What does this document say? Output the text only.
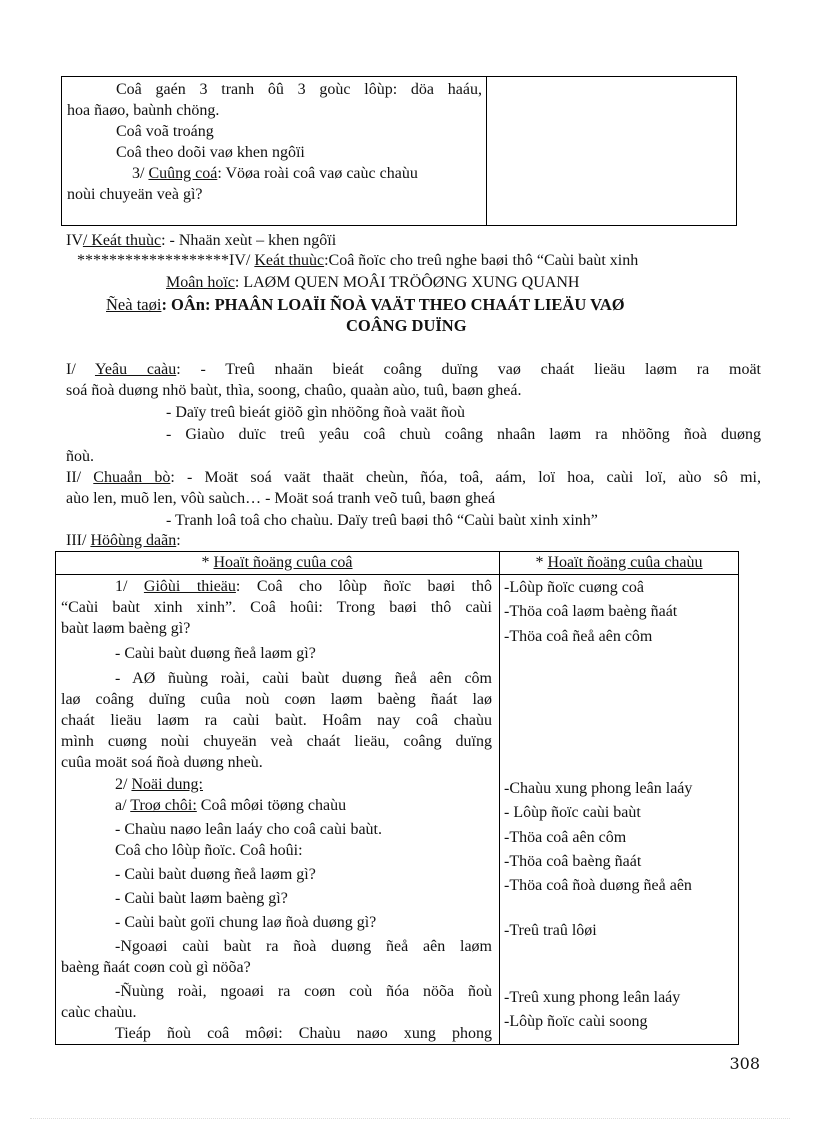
Coâ gaén 3 tranh ôû 3 goùc lôùp: döa haáu,
hoa ñaøo, baùnh chöng.
Coâ voã troáng
Coâ theo doõi vaø khen ngôïi
3/ Cuûng coá: Vöøa roài coâ vaø caùc chaùu
noùi chuyeän veà gì?
IV/ Keát thuùc: - Nhaän xeùt – khen ngôïi
*******************IV/ Keát thuùc:Coâ ñoïc cho treû nghe baøi thô “Caùi baùt xinh
Moân hoïc: LAØM QUEN MOÂI TRÖÔØNG XUNG QUANH
Ñeà taøi: OÂn: PHAÂN LOAÏI ÑOÀ VAÄT THEO CHAÁT LIEÄU VAØ
COÂNG DUÏNG
I/ Yeâu caàu: - Treû nhaän bieát coâng duïng vaø chaát lieäu laøm ra moät
soá ñoà duøng nhö baùt, thìa, soong, chaûo, quaàn aùo, tuû, baøn gheá.
- Daïy treû bieát giöõ gìn nhöõng ñoà vaät ñoù
- Giaùo duïc treû yeâu coâ chuù coâng nhaân laøm ra nhöõng ñoà duøng
ñoù.
II/ Chuaån bò: - Moät soá vaät thaät cheùn, ñóa, toâ, aám, loï hoa, caùi loï, aùo sô mi,
aùo len, muõ len, vôù saùch… - Moät soá tranh veõ tuû, baøn gheá
- Tranh loâ toâ cho chaùu. Daïy treû baøi thô “Caùi baùt xinh xinh”
III/ Höôùng daãn:
* Hoaït ñoäng cuûa coâ	* Hoaït ñoäng cuûa chaùu
1/ Giôùi thieäu: Coâ cho lôùp ñoïc baøi thô
“Caùi baùt xinh xinh”. Coâ hoûi: Trong baøi thô caùi
baùt laøm baèng gì?
- Caùi baùt duøng ñeå laøm gì?
- AØ ñuùng roài, caùi baùt duøng ñeå aên côm
laø coâng duïng cuûa noù coøn laøm baèng ñaát laø
chaát lieäu laøm ra caùi baùt. Hoâm nay coâ chaùu
mình cuøng noùi chuyeän veà chaát lieäu, coâng duïng
cuûa moät soá ñoà duøng nheù.
2/ Noäi dung:
a/ Troø chôi: Coâ môøi töøng chaùu
- Chaùu naøo leân laáy cho coâ caùi baùt.
Coâ cho lôùp ñoïc. Coâ hoûi:
- Caùi baùt duøng ñeå laøm gì?
- Caùi baùt laøm baèng gì?
- Caùi baùt goïi chung laø ñoà duøng gì?
-Ngoaøi caùi baùt ra ñoà duøng ñeå aên laøm
baèng ñaát coøn coù gì nöõa?
-Ñuùng roài, ngoaøi ra coøn coù ñóa nöõa ñoù
caùc chaùu.
Tieáp ñoù coâ môøi: Chaùu naøo xung phong
-Lôùp ñoïc cuøng coâ
-Thöa coâ laøm baèng ñaát
-Thöa coâ ñeå aên côm
-Chaùu xung phong leân laáy
- Lôùp ñoïc caùi baùt
-Thöa coâ aên côm
-Thöa coâ baèng ñaát
-Thöa coâ ñoà duøng ñeå aên
-Treû traû lôøi
-Treû xung phong leân laáy
-Lôùp ñoïc caùi soong
308
